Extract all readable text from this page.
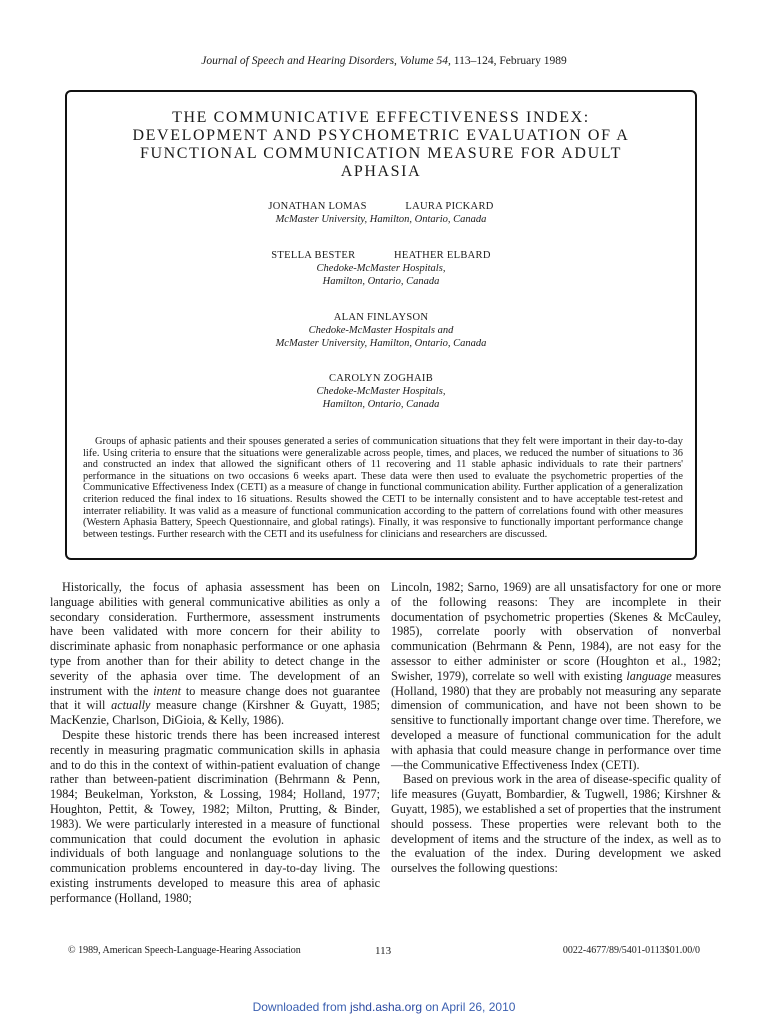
Journal of Speech and Hearing Disorders, Volume 54, 113–124, February 1989
THE COMMUNICATIVE EFFECTIVENESS INDEX:
DEVELOPMENT AND PSYCHOMETRIC EVALUATION OF A
FUNCTIONAL COMMUNICATION MEASURE FOR ADULT
APHASIA
JONATHAN LOMAS	LAURA PICKARD
McMaster University, Hamilton, Ontario, Canada
STELLA BESTER	HEATHER ELBARD
Chedoke-McMaster Hospitals,
Hamilton, Ontario, Canada
ALAN FINLAYSON
Chedoke-McMaster Hospitals and
McMaster University, Hamilton, Ontario, Canada
CAROLYN ZOGHAIB
Chedoke-McMaster Hospitals,
Hamilton, Ontario, Canada
Groups of aphasic patients and their spouses generated a series of communication situations that they felt were important in their day-to-day life. Using criteria to ensure that the situations were generalizable across people, times, and places, we reduced the number of situations to 36 and constructed an index that allowed the significant others of 11 recovering and 11 stable aphasic individuals to rate their partners' performance in the situations on two occasions 6 weeks apart. These data were then used to evaluate the psychometric properties of the Communicative Effectiveness Index (CETI) as a measure of change in functional communication ability. Further application of a generalization criterion reduced the final index to 16 situations. Results showed the CETI to be internally consistent and to have acceptable test-retest and interrater reliability. It was valid as a measure of functional communication according to the pattern of correlations found with other measures (Western Aphasia Battery, Speech Questionnaire, and global ratings). Finally, it was responsive to functionally important performance change between testings. Further research with the CETI and its usefulness for clinicians and researchers are discussed.

Historically, the focus of aphasia assessment has been on language abilities with general communicative abilities as only a secondary consideration. Furthermore, assessment instruments have been validated with more concern for their ability to discriminate aphasic from nonaphasic performance or one aphasia type from another than for their ability to detect change in the severity of the aphasia over time. The development of an instrument with the intent to measure change does not guarantee that it will actually measure change (Kirshner & Guyatt, 1985; MacKenzie, Charlson, DiGioia, & Kelly, 1986).

Despite these historic trends there has been increased interest recently in measuring pragmatic communication skills in aphasia and to do this in the context of within-patient evaluation of change rather than between-patient discrimination (Behrmann & Penn, 1984; Beukelman, Yorkston, & Lossing, 1984; Holland, 1977; Houghton, Pettit, & Towey, 1982; Milton, Prutting, & Binder, 1983). We were particularly interested in a measure of functional communication that could document the evolution in aphasic individuals of both language and nonlanguage solutions to the communication problems encountered in day-to-day living. The existing instruments developed to measure this area of aphasic performance (Holland, 1980;

Lincoln, 1982; Sarno, 1969) are all unsatisfactory for one or more of the following reasons: They are incomplete in their documentation of psychometric properties (Skenes & McCauley, 1985), correlate poorly with observation of nonverbal communication (Behrmann & Penn, 1984), are not easy for the assessor to either administer or score (Houghton et al., 1982; Swisher, 1979), correlate so well with existing language measures (Holland, 1980) that they are probably not measuring any separate dimension of communication, and have not been shown to be sensitive to functionally important change over time. Therefore, we developed a measure of functional communication for the adult with aphasia that could measure change in performance over time—the Communicative Effectiveness Index (CETI).

Based on previous work in the area of disease-specific quality of life measures (Guyatt, Bombardier, & Tugwell, 1986; Kirshner & Guyatt, 1985), we established a set of properties that the instrument should possess. These properties were relevant both to the development of items and the structure of the index, as well as to the evaluation of the index. During development we asked ourselves the following questions:

© 1989, American Speech-Language-Hearing Association	113	0022-4677/89/5401-0113$01.00/0
Downloaded from jshd.asha.org on April 26, 2010
